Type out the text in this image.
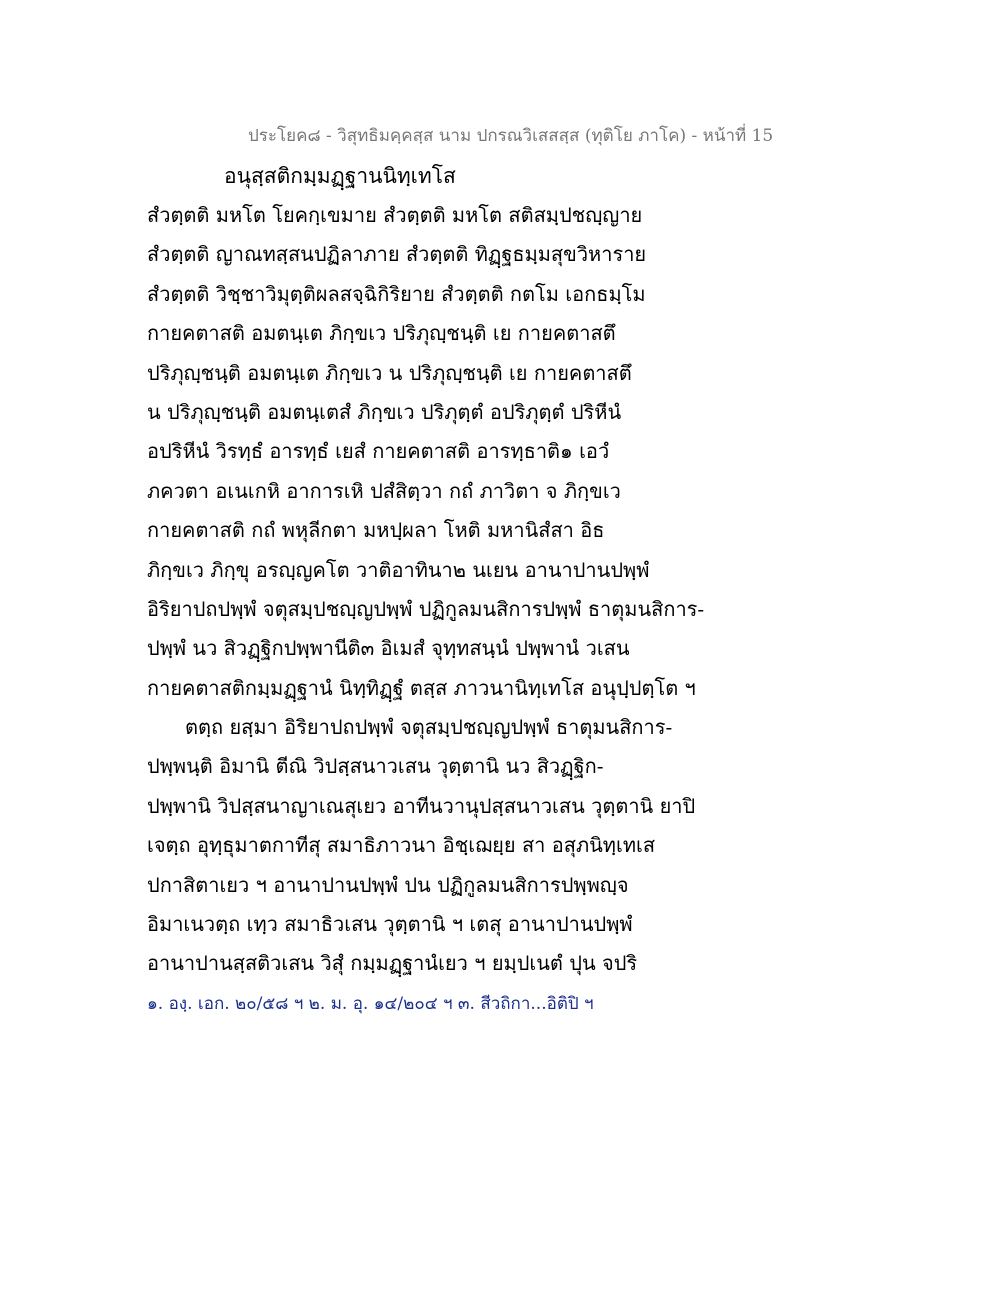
ประโยค๘ - วิสุทธิมคฺคสฺส นาม ปกรณวิเสสสฺส (ทุติโย ภาโค) - หน้าที่ 15
อนุสฺสติกมฺมฏฺฐานนิทฺเทโส
สํวตฺตติ มหโต โยคกฺเขมาย สํวตฺตติ มหโต สติสมฺปชญฺญาย
สํวตฺตติ ญาณทสฺสนปฏิลาภาย สํวตฺตติ ทิฏฺฐธมฺมสุขวิหาราย
สํวตฺตติ วิชฺชาวิมุตฺติผลสจฺฉิกิริยาย สํวตฺตติ กตโม เอกธมฺโม
กายคตาสติ อมตนฺเต ภิกฺขเว ปริภุญฺชนฺติ เย กายคตาสตึ
ปริภุญฺชนฺติ อมตนฺเต ภิกฺขเว น ปริภุญฺชนฺติ เย กายคตาสตึ
น ปริภุญฺชนฺติ อมตนฺเตสํ ภิกฺขเว ปริภุตฺตํ อปริภุตฺตํ ปริหีนํ
อปริหีนํ วิรทฺธํ อารทฺธํ เยสํ กายคตาสติ อารทฺธาติ๑ เอวํ
ภควตา อเนเกหิ อาการเหิ ปสํสิตฺวา กถํ ภาวิตา จ ภิกฺขเว
กายคตาสติ กถํ พหุลีกตา มหปฺผลา โหติ มหานิสํสา อิธ
ภิกฺขเว ภิกฺขุ อรญฺญคโต วาติอาทินา๒ นเยน อานาปานปพฺพํ
อิริยาปถปพฺพํ จตุสมฺปชญฺญปพฺพํ ปฏิกูลมนสิการปพฺพํ ธาตุมนสิการ-
ปพฺพํ นว สิวฏฺฐิกปพฺพานีติ๓ อิเมสํ จุทฺทสนฺนํ ปพฺพานํ วเสน
กายคตาสติกมฺมฏฺฐานํ นิทฺทิฏฺฐํ ตสฺส ภาวนานิทฺเทโส อนุปฺปตฺโต ฯ
ตตฺถ ยสฺมา อิริยาปถปพฺพํ จตุสมฺปชญฺญปพฺพํ ธาตุมนสิการ-
ปพฺพนฺติ อิมานิ ตีณิ วิปสฺสนาวเสน วุตฺตานิ นว สิวฏฺฐิก-
ปพฺพานิ วิปสฺสนาญาเณสุเยว อาทีนวานุปสฺสนาวเสน วุตฺตานิ ยาปิ
เจตฺถ อุทฺธุมาตกาทีสุ สมาธิภาวนา อิชฺเฌยฺย สา อสุภนิทฺเทเส
ปกาสิตาเยว ฯ อานาปานปพฺพํ ปน ปฏิกูลมนสิการปพฺพญฺจ
อิมาเนวตฺถ เทฺว สมาธิวเสน วุตฺตานิ ฯ เตสุ อานาปานปพฺพํ
อานาปานสฺสติวเสน วิสุํ กมฺมฏฺฐานํเยว ฯ ยมฺปเนตํ ปุน จปริ
๑. องฺ. เอก. ๒๐/๕๘ ฯ ๒. ม. อุ. ๑๔/๒๐๔ ฯ ๓. สีวถิกา...อิติปิ ฯ
